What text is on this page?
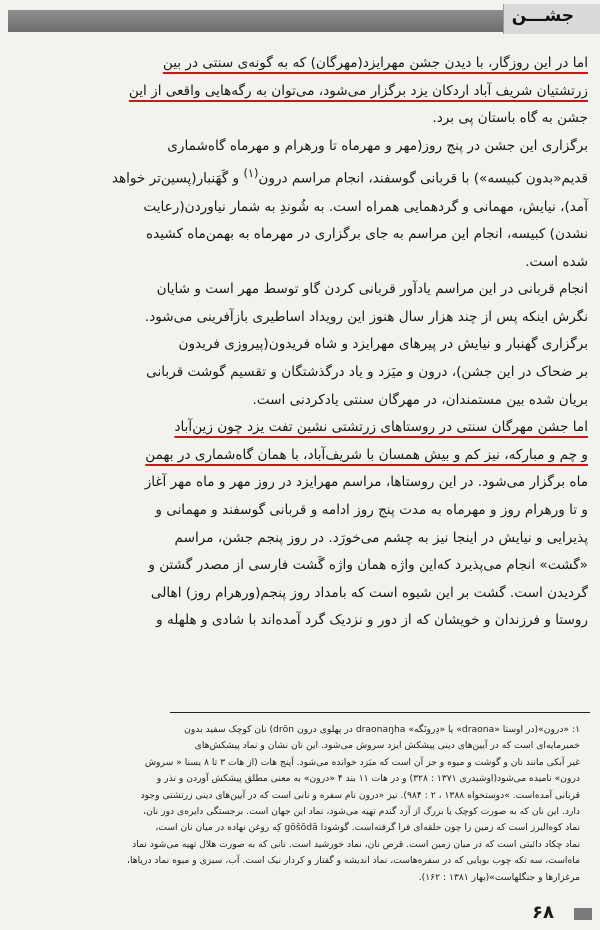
جشـــن

اما در این روزگار، با دیدن جشن مهرایزد(مهرگان) که به گونه‌ی سنتی در بین
زرتشتیان شریف آباد اردکان یزد برگزار می‌شود، می‌توان به رگه‌هایی واقعی از این
جشن به گاه باستان پی برد.

برگزاری این جشن در پنج روز(مهر و مهرماه تا ورهرام و مهرماه گاه‌شماری
قدیم«بدون کبیسه») با قربانی گوسفند، انجام مراسم درون$^{(۱)}$ و گَهَنبار(پسین‌تر خواهد
آمد)، نیایش، مهمانی و گردهمایی همراه است. به شُوندِ به شمار نیاوردن(رعایت
نشدن) کبیسه، انجام این مراسم به جای برگزاری در مهرماه به بهمن‌ماه کشیده
شده است.

انجام قربانی در این مراسم یادآور قربانی کردن گاو توسط مهر است و شایان
نگرش اینکه پس از چند هزار سال هنوز این رویداد اساطیری بازآفرینی می‌شود.
برگزاری گهنبار و نیایش در پیرهای مهرایزد و شاه فریدون(پیروزی فریدون
بر ضحاک در این جشن)، درون و میَزد و یاد درگذشتگان و تقسیم گوشت قربانی
بریان شده بین مستمندان، در مهرگان سنتی یادکردنی است.

اما جشن مهرگان سنتی در روستاهای زرتشتی نشین تفت یزد چون زین‌آباد
و چم و مبارکه، نیز کم و بیش همسان با شریف‌آباد، با همان گاه‌شماری در بهمن
ماه برگزار می‌شود. در این روستاها، مراسم مهرایزد در روز مهر و ماه مهر آغاز
و تا ورهرام روز و مهرماه به مدت پنج روز ادامه و قربانی گوسفند و مهمانی و
پذیرایی و نیایش در اینجا نیز به چشم می‌خورَد. در روز پنجم جشن، مراسم
«گشت» انجام می‌پذیرد که‌این واژه همان واژه گَشت فارسی از مصدر گشتن و
گردیدن است. گشت بر این شیوه است که بامداد روز پنجم(ورهرام روز) اهالی
روستا و فرزندان و خویشان که از دور و نزدیک گرد آمده‌اند با شادی و هلهله و

۱: «درون»(در اوستا «draona» یا «دِرونَگه» draonaŋha در پهلوی درون drōn) نان کوچک سفید بدون
خمیرمایه‌ای است که در آیین‌های دینی پیشکش ایزد سروش می‌شود. این نان نشان و نماد پیشکش‌های
غیر آبکی مانند نان و گوشت و میوه و جز آن است که میَزد خوانده می‌شود. اَپنج هات (از هات ۳ تا ۸ یسنا « سروش
درون» نامیده می‌شود(اوشیدری ۱۳۷۱ : ۳۲۸) و در هات ۱۱ بند ۴ «درون» به معنی مطلق پیشکش آوردن و نذر و
قربانی آمده‌است. »دوستخواه ۱۳۸۸ ، ۲ : ۹۸۴). نیز «درون نام سفره و نانی است که در آیین‌های دینی زرتشتی وجود
دارد. این نان که به صورت کوچک یا بزرگ از آرد گندم تهیه می‌شود، نماد این جهان است. برجستگی دایره‌ی دور نان،
نماد کوه‌البرز است که زمین را چون حلقه‌ای فرا گرفته‌است. گوشودا gōšōdā کِه روغن نهاده در میان نان است،
نماد چکاد دائیتی است که در میان زمین است. قرص نان، نماد خورشید است. نانی که به صورت هلال تهیه می‌شود نماد
ماه‌است، سه تکه چوب بوبایی که در سفره‌هاست، نماد اندیشه و گفتار و کردار نیک است. آب، سبزی و میوه نماد دریاها،
مرغزارها و جنگلهاست»(بهار ۱۳۸۱ : ۱۶۲).
۶۸
